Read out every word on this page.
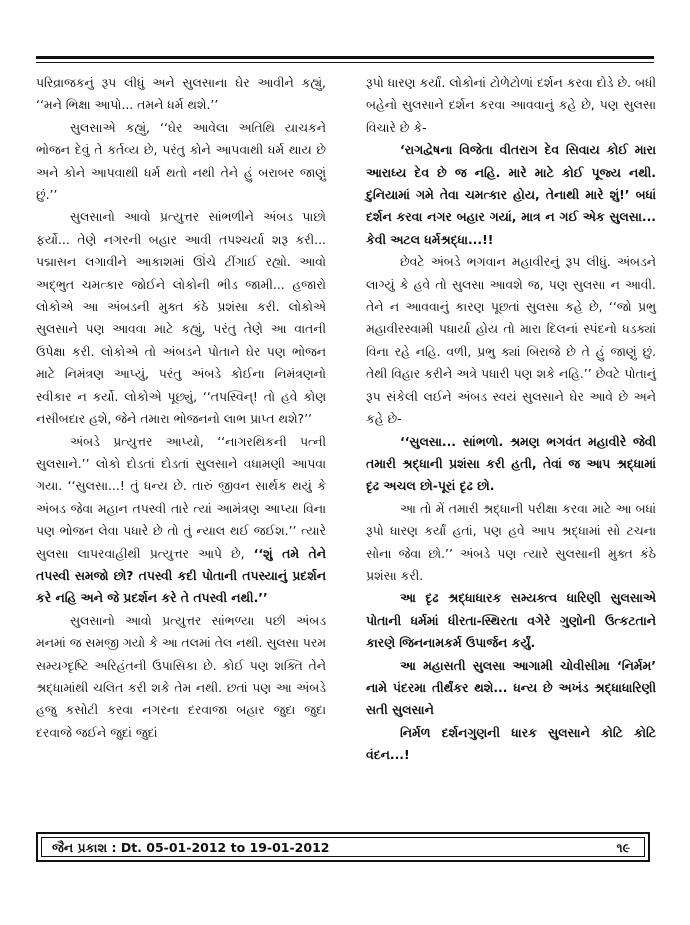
પરિવ્રાજકનું રૂપ લીધું અને સુલસાના ઘેર આવીને કહ્યું, ‘‘મને ભિક્ષા આપો... તમને ધર્મ થશે.’’

સુલસાએ કહ્યું, ‘‘ઘેર આવેલા અતિથિ યાચકને ભોજન દેવું તે કર્તવ્ય છે, પરંતુ કોને આપવાથી ધર્મ થાય છે અને કોને આપવાથી ધર્મ થતો નથી તેને હું બરાબર જાણું છું.’’

સુલસાનો આવો પ્રત્યુત્તર સાંભળીને અંબડ પાછો ફર્યો... તેણે નગરની બહાર આવી તપશ્ચર્યા શરૂ કરી... પદ્માસન લગાવીને આકાશમાં ઊંચે ટીંગાઈ રહ્યો. આવો અદ્‌ભુત ચમત્કાર જોઈને લોકોની ભીડ જામી... હજારો લોકોએ આ અંબડની મુક્ત કંઠે પ્રશંસા કરી. લોકોએ સુલસાને પણ આવવા માટે કહ્યું, પરંતુ તેણે આ વાતની ઉપેક્ષા કરી. લોકોએ તો અંબડને પોતાને ઘેર પણ ભોજન માટે નિમંત્રણ આપ્યું, પરંતુ અંબડે કોઈના નિમંત્રણનો સ્વીકાર ન કર્યો. લોકોએ પૂછ્યું, ‘‘તપસ્વિન્! તો હવે કોણ નસીબદાર હશે, જેને તમારા ભોજનનો લાભ પ્રાપ્ત થશે?’’

અંબડે પ્રત્યુત્તર આપ્યો, ‘‘નાગરથિકની પત્ની સુલસાને.’’ લોકો દોડતાં દોડતાં સુલસાને વધામણી આપવા ગયા. ‘‘સુલસા...! તું ધન્ય છે. તારું જીવન સાર્થક થયું કે અંબડ જેવા મહાન તપસ્વી તારે ત્યાં આમંત્રણ આપ્યા વિના પણ ભોજન લેવા પધારે છે તો તું ન્યાલ થઈ જઈશ.’’ ત્યારે સુલસા લાપરવાહીથી પ્રત્યુત્તર આપે છે, ‘‘શું તમે તેને તપસ્વી સમજો છો? તપસ્વી કદી પોતાની તપસ્યાનું પ્રદર્શન કરે નહિ અને જે પ્રદર્શન કરે તે તપસ્વી નથી.’’

સુલસાનો આવો પ્રત્યુત્તર સાંભળ્યા પછી અંબડ મનમાં જ સમજી ગયો કે આ તલમાં તેલ નથી. સુલસા પરમ સમ્યગ્દૃષ્ટિ અરિહંતની ઉપાસિકા છે. કોઈ પણ શક્તિ તેને શ્રદ્ધામાંથી ચલિત કરી શકે તેમ નથી. છતાં પણ આ અંબડે હજુ કસોટી કરવા નગરના દરવાજા બહાર જુદા જુદા દરવાજે જઈને જુદાં જુદાં

રૂપો ધારણ કર્યાં. લોકોનાં ટોળેટોળાં દર્શન કરવા દોડે છે. બધી બહેનો સુલસાને દર્શન કરવા આવવાનું કહે છે, પણ સુલસા વિચારે છે કે-

‘રાગદ્વેષના વિજેતા વીતરાગ દેવ સિવાય કોઈ મારા આરાધ્ય દેવ છે જ નહિ. મારે માટે કોઈ પૂજ્ય નથી. દુનિયામાં ગમે તેવા ચમત્કાર હોય, તેનાથી મારે શું!’ બધાં દર્શન કરવા નગર બહાર ગયાં, માત્ર ન ગઈ એક સુલસા... કેવી અટલ ધર્મશ્રદ્ધા...!!

છેવટે અંબડે ભગવાન મહાવીરનું રૂપ લીધું. અંબડને લાગ્યું કે હવે તો સુલસા આવશે જ, પણ સુલસા ન આવી. તેને ન આવવાનું કારણ પૂછતાં સુલસા કહે છે, ‘‘જો પ્રભુ મહાવીરસ્વામી પધાર્યા હોય તો મારા દિલનાં સ્પંદનો ધડક્યાં વિના રહે નહિ. વળી, પ્રભુ ક્યાં બિરાજે છે તે હું જાણું છું. તેથી વિહાર કરીને અત્રે પધારી પણ શકે નહિ.’’ છેવટે પોતાનું રૂપ સંકેલી લઈને અંબડ સ્વયં સુલસાને ઘેર આવે છે અને કહે છે-

‘‘સુલસા... સાંભળો. શ્રમણ ભગવંત મહાવીરે જેવી તમારી શ્રદ્ધાની પ્રશંસા કરી હતી, તેવાં જ આપ શ્રદ્ધામાં દૃઢ અચલ છો-પૂરાં દૃઢ છો.

આ તો મેં તમારી શ્રદ્ધાની પરીક્ષા કરવા માટે આ બધાં રૂપો ધારણ કર્યાં હતાં, પણ હવે આપ શ્રદ્ધામાં સો ટચના સોના જેવા છો.’’ અંબડે પણ ત્યારે સુલસાની મુક્ત કંઠે પ્રશંસા કરી.

આ દૃઢ શ્રદ્ધાધારક સમ્યક્ત્વ ધારિણી સુલસાએ પોતાની ધર્મમાં ધીરતા-સ્થિરતા વગેરે ગુણોની ઉત્કટતાને કારણે જિનનામકર્મ ઉપાર્જન કર્યું.

આ મહાસતી સુલસા આગામી ચોવીસીમા ‘નિર્મમ’ નામે પંદરમા તીર્થંકર થશે... ધન્ય છે અખંડ શ્રદ્ધાધારિણી સતી સુલસાને

નિર્મળ દર્શનગુણની ધારક સુલસાને કોટિ કોટિ વંદન...!

જૈન પ્રકાશ : Dt. 05-01-2012 to 19-01-2012	૧૯
